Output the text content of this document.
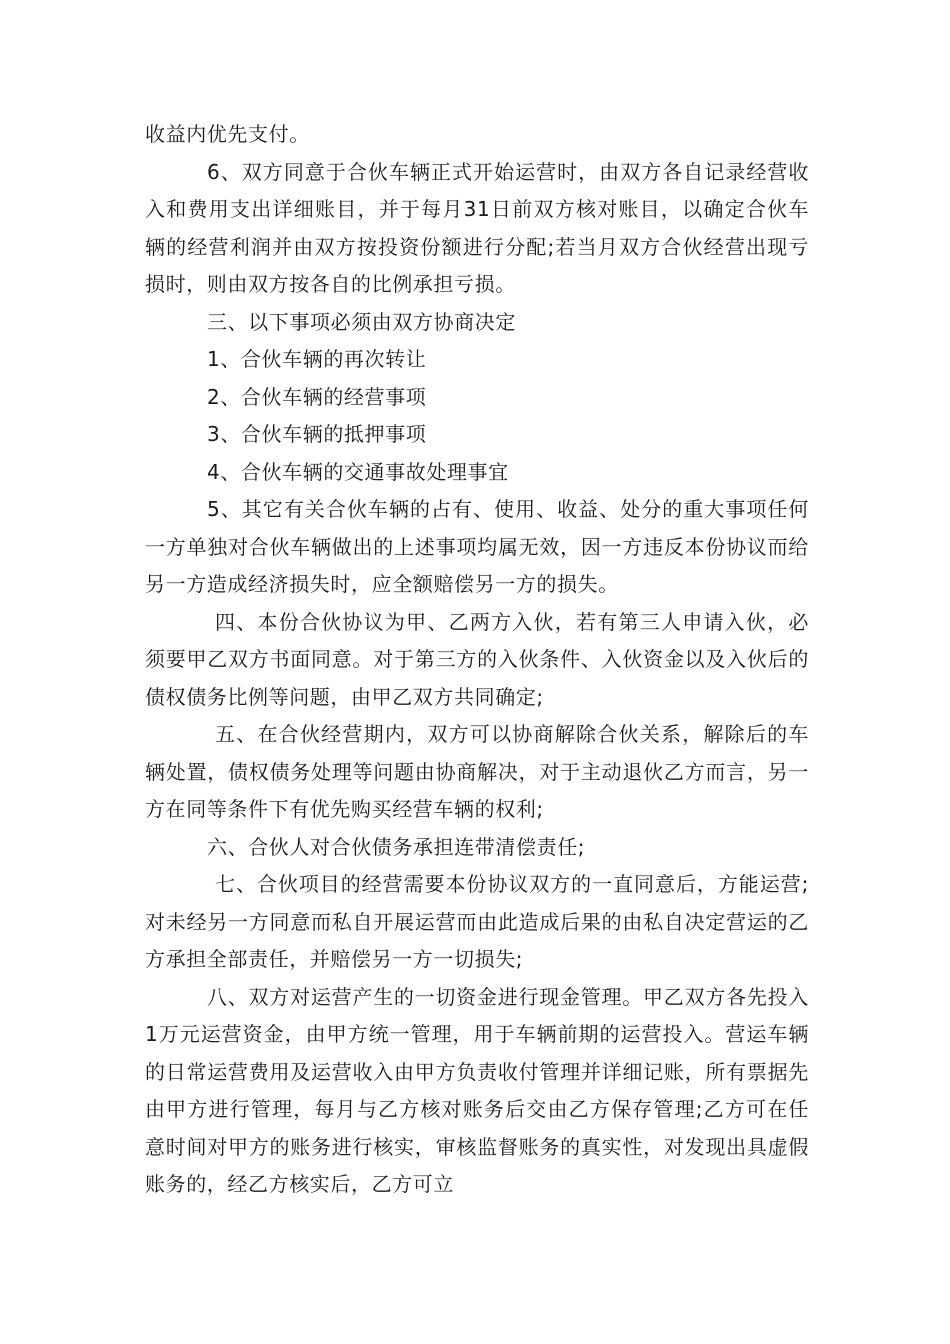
收益内优先支付。

6、双方同意于合伙车辆正式开始运营时，由双方各自记录经营收入和费用支出详细账目，并于每月31日前双方核对账目，以确定合伙车辆的经营利润并由双方按投资份额进行分配;若当月双方合伙经营出现亏损时，则由双方按各自的比例承担亏损。

三、以下事项必须由双方协商决定

1、合伙车辆的再次转让

2、合伙车辆的经营事项

3、合伙车辆的抵押事项

4、合伙车辆的交通事故处理事宜

5、其它有关合伙车辆的占有、使用、收益、处分的重大事项任何一方单独对合伙车辆做出的上述事项均属无效，因一方违反本份协议而给另一方造成经济损失时，应全额赔偿另一方的损失。

四、本份合伙协议为甲、乙两方入伙，若有第三人申请入伙，必须要甲乙双方书面同意。对于第三方的入伙条件、入伙资金以及入伙后的债权债务比例等问题，由甲乙双方共同确定;

五、在合伙经营期内，双方可以协商解除合伙关系，解除后的车辆处置，债权债务处理等问题由协商解决，对于主动退伙乙方而言，另一方在同等条件下有优先购买经营车辆的权利;

六、合伙人对合伙债务承担连带清偿责任;

七、合伙项目的经营需要本份协议双方的一直同意后，方能运营;对未经另一方同意而私自开展运营而由此造成后果的由私自决定营运的乙方承担全部责任，并赔偿另一方一切损失;

八、双方对运营产生的一切资金进行现金管理。甲乙双方各先投入1万元运营资金，由甲方统一管理，用于车辆前期的运营投入。营运车辆的日常运营费用及运营收入由甲方负责收付管理并详细记账，所有票据先由甲方进行管理，每月与乙方核对账务后交由乙方保存管理;乙方可在任意时间对甲方的账务进行核实，审核监督账务的真实性，对发现出具虚假账务的，经乙方核实后，乙方可立
